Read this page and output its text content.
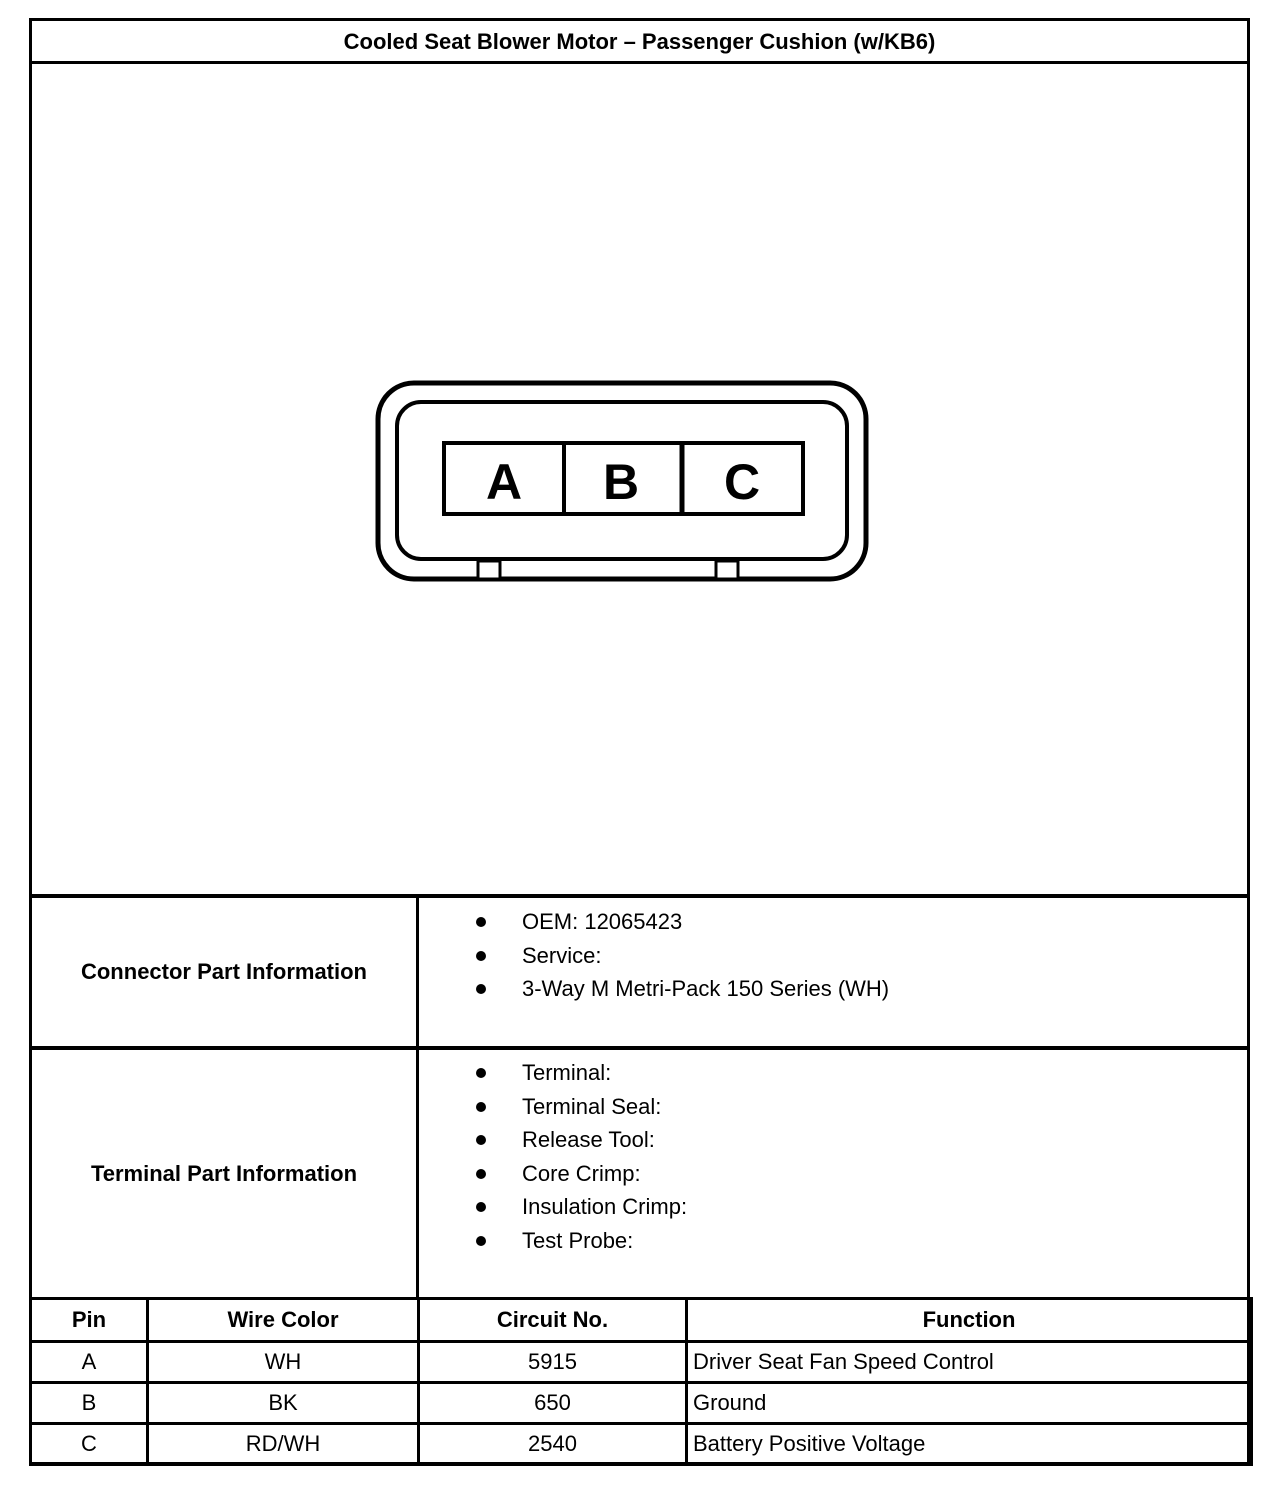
Cooled Seat Blower Motor – Passenger Cushion (w/KB6)
A B C
Connector Part Information
OEM: 12065423
Service:
3-Way M Metri-Pack 150 Series (WH)
Terminal Part Information
Terminal:
Terminal Seal:
Release Tool:
Core Crimp:
Insulation Crimp:
Test Probe:
Pin	Wire Color	Circuit No.	Function
A	WH	5915	Driver Seat Fan Speed Control
B	BK	650	Ground
C	RD/WH	2540	Battery Positive Voltage
